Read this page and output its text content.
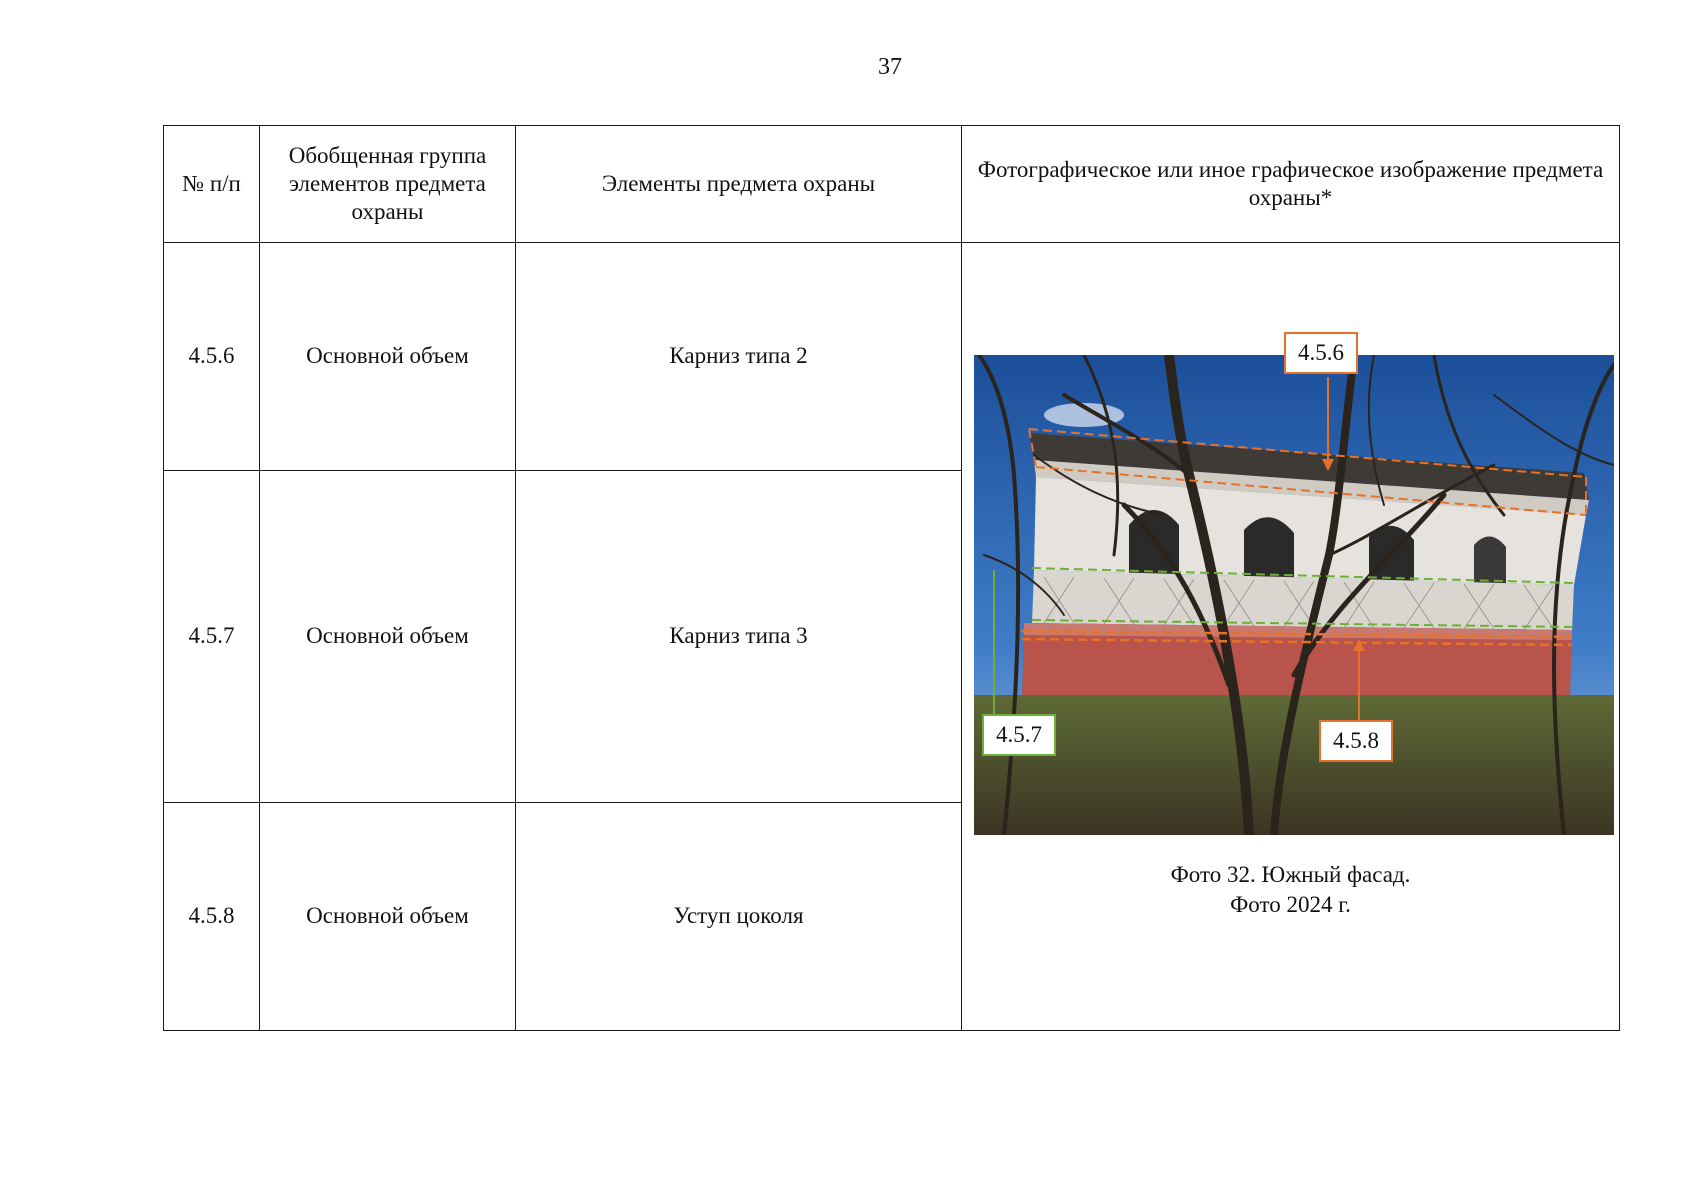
37
№ п/п	Обобщенная группа элементов предмета охраны	Элементы предмета охраны	Фотографическое или иное графическое изображение предмета охраны*
4.5.6	Основной объем	Карниз типа 2	4.5.6
4.5.7 4.5.8
Фото 32. Южный фасад.
Фото 2024 г.

4.5.7	Основной объем	Карниз типа 3	
4.5.8	Основной объем	Уступ цоколя	
